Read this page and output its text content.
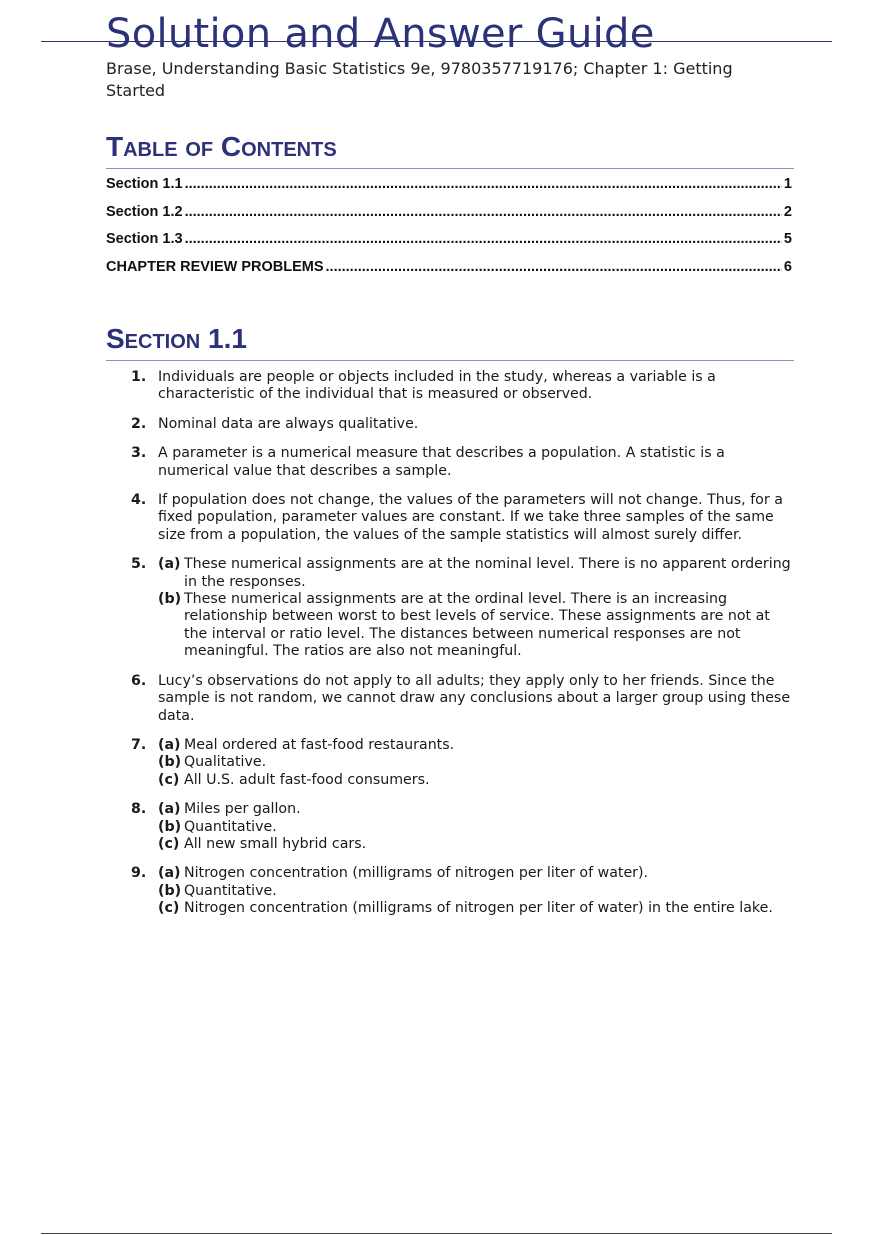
Solution and Answer Guide

Brase, Understanding Basic Statistics 9e, 9780357719176; Chapter 1: Getting Started

Table of Contents
Section 1.1 .....	1
Section 1.2 .....	2
Section 1.3 .....	5
CHAPTER REVIEW PROBLEMS .....	6
Section 1.1
1. Individuals are people or objects included in the study, whereas a variable is a characteristic of the individual that is measured or observed.
2. Nominal data are always qualitative.
3. A parameter is a numerical measure that describes a population. A statistic is a numerical value that describes a sample.
4. If population does not change, the values of the parameters will not change. Thus, for a fixed population, parameter values are constant. If we take three samples of the same size from a population, the values of the sample statistics will almost surely differ.
5. (a) These numerical assignments are at the nominal level. There is no apparent ordering in the responses.
(b) These numerical assignments are at the ordinal level. There is an increasing relationship between worst to best levels of service. These assignments are not at the interval or ratio level. The distances between numerical responses are not meaningful. The ratios are also not meaningful.
6. Lucy’s observations do not apply to all adults; they apply only to her friends. Since the sample is not random, we cannot draw any conclusions about a larger group using these data.
7. (a) Meal ordered at fast-food restaurants.
(b) Qualitative.
(c) All U.S. adult fast-food consumers.
8. (a) Miles per gallon.
(b) Quantitative.
(c) All new small hybrid cars.
9. (a) Nitrogen concentration (milligrams of nitrogen per liter of water).
(b) Quantitative.
(c) Nitrogen concentration (milligrams of nitrogen per liter of water) in the entire lake.
